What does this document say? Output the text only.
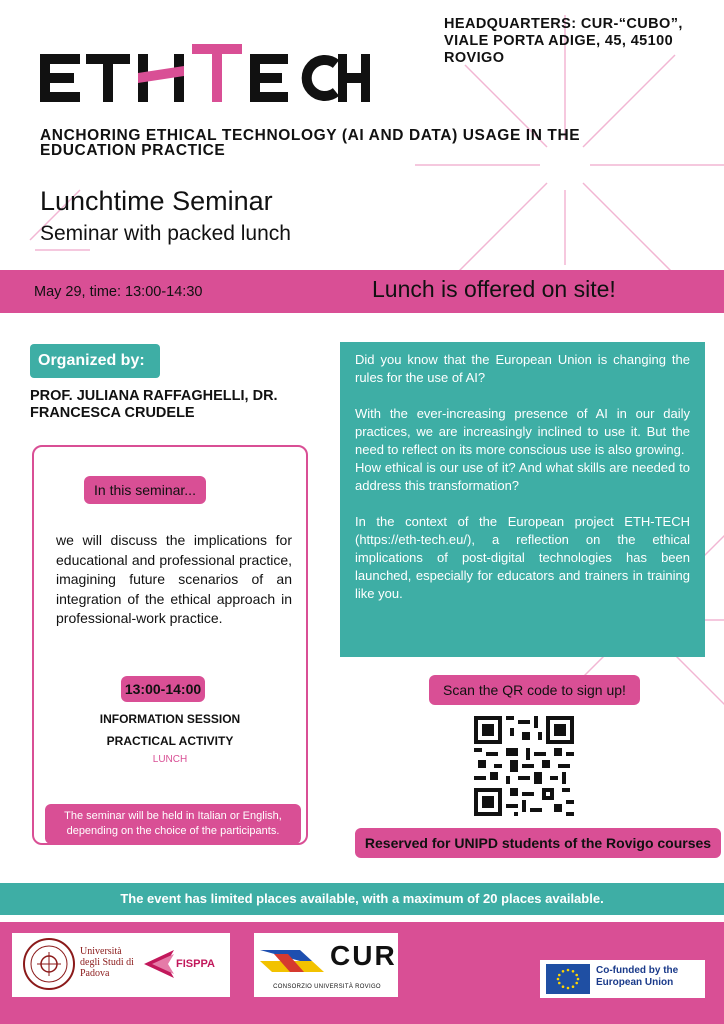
HEADQUARTERS: CUR-“CUBO”, VIALE PORTA ADIGE, 45, 45100 ROVIGO
ANCHORING ETHICAL TECHNOLOGY (AI AND DATA) USAGE IN THE EDUCATION PRACTICE
Lunchtime Seminar
Seminar with packed lunch
May 29, time: 13:00-14:30	Lunch is offered on site!
Organized by:
PROF. JULIANA RAFFAGHELLI, DR. FRANCESCA CRUDELE
In this seminar...
we will discuss the implications for educational and professional practice, imagining future scenarios of an integration of the ethical approach in professional-work practice.
13:00-14:00
INFORMATION SESSION
PRACTICAL ACTIVITY
LUNCH
The seminar will be held in Italian or English, depending on the choice of the participants.

Did you know that the European Union is changing the rules for the use of AI?

With the ever-increasing presence of AI in our daily practices, we are increasingly inclined to use it. But the need to reflect on its more conscious use is also growing.

How ethical is our use of it? And what skills are needed to address this transformation?

In the context of the European project ETH-TECH (https://eth-tech.eu/), a reflection on the ethical implications of post-digital technologies has been launched, especially for educators and trainers in training like you.

Scan the QR code to sign up!
Reserved for UNIPD students of the Rovigo courses
The event has limited places available, with a maximum of 20 places available.
Università degli Studi di Padova
FISPPA	CUR
CONSORZIO UNIVERSITÀ ROVIGO
Co-funded by the European Union
